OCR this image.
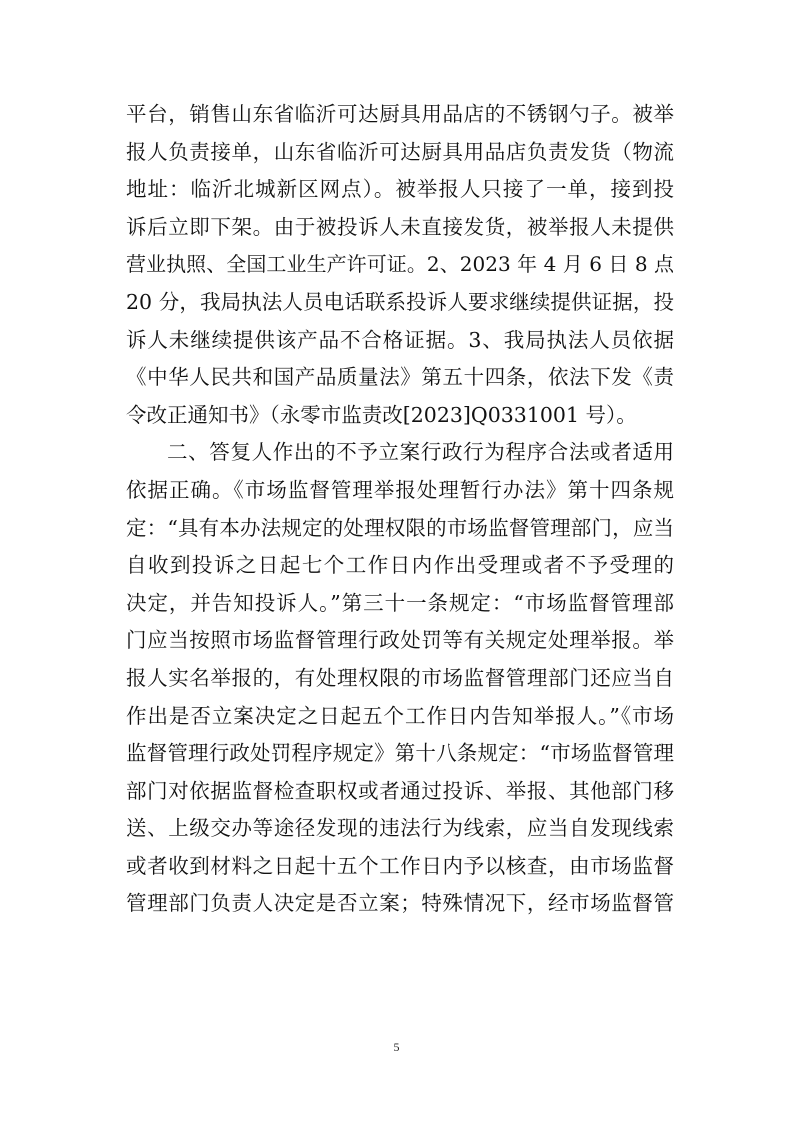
平台，销售山东省临沂可达厨具用品店的不锈钢勺子。被举
报人负责接单，山东省临沂可达厨具用品店负责发货（物流
地址：临沂北城新区网点）。被举报人只接了一单，接到投
诉后立即下架。由于被投诉人未直接发货，被举报人未提供
营业执照、全国工业生产许可证。2、2023 年 4 月 6 日 8 点
20 分，我局执法人员电话联系投诉人要求继续提供证据，投
诉人未继续提供该产品不合格证据。3、我局执法人员依据
《中华人民共和国产品质量法》第五十四条，依法下发《责
令改正通知书》（永零市监责改[2023]Q0331001 号）。
二、答复人作出的不予立案行政行为程序合法或者适用
依据正确。《市场监督管理举报处理暂行办法》第十四条规
定：“具有本办法规定的处理权限的市场监督管理部门，应当
自收到投诉之日起七个工作日内作出受理或者不予受理的
决定，并告知投诉人。”第三十一条规定：“市场监督管理部
门应当按照市场监督管理行政处罚等有关规定处理举报。举
报人实名举报的，有处理权限的市场监督管理部门还应当自
作出是否立案决定之日起五个工作日内告知举报人。”《市场
监督管理行政处罚程序规定》第十八条规定：“市场监督管理
部门对依据监督检查职权或者通过投诉、举报、其他部门移
送、上级交办等途径发现的违法行为线索，应当自发现线索
或者收到材料之日起十五个工作日内予以核查，由市场监督
管理部门负责人决定是否立案；特殊情况下，经市场监督管
5
